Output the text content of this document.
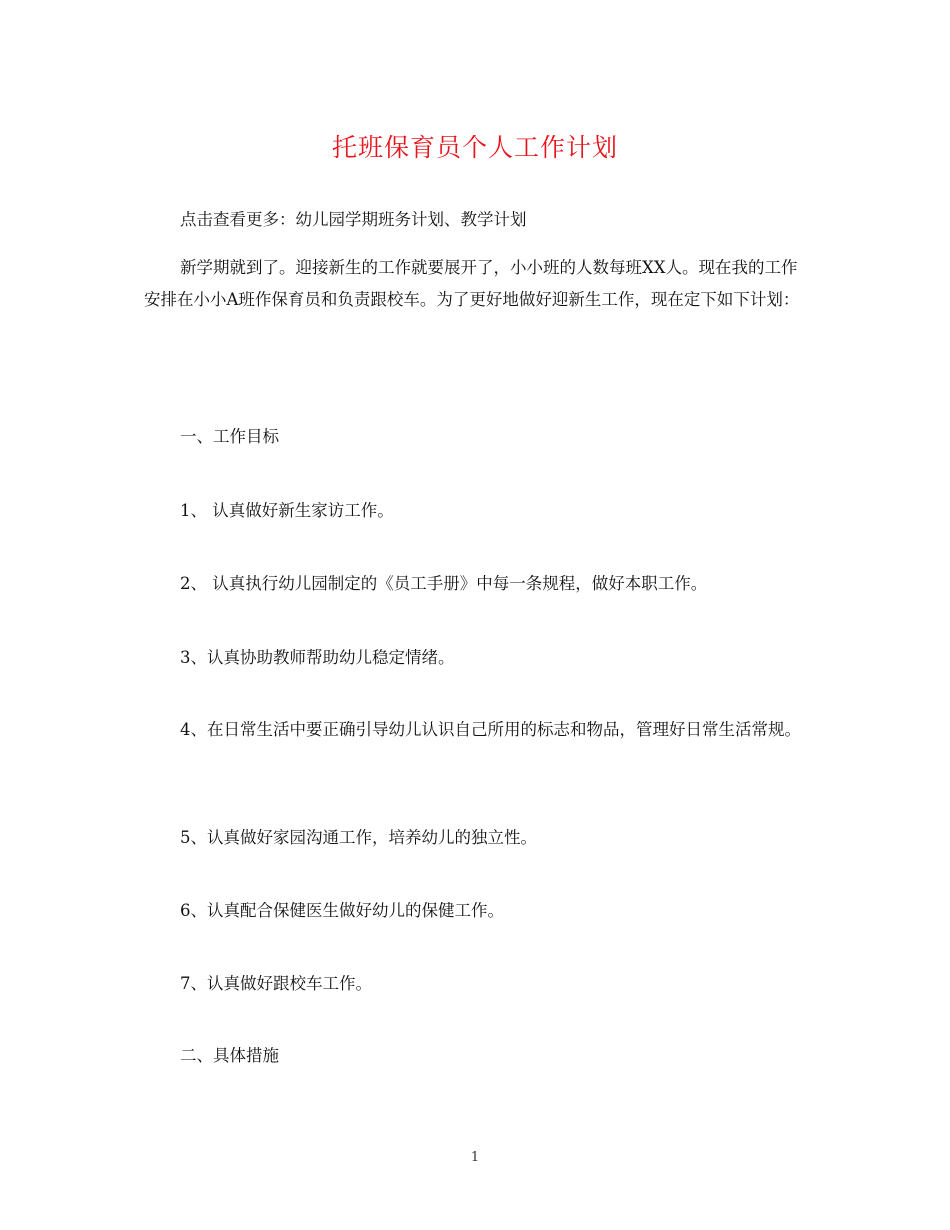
托班保育员个人工作计划
点击查看更多：幼儿园学期班务计划、教学计划
新学期就到了。迎接新生的工作就要展开了，小小班的人数每班XX人。现在我的工作安排在小小A班作保育员和负责跟校车。为了更好地做好迎新生工作，现在定下如下计划：
一、工作目标
1、 认真做好新生家访工作。
2、 认真执行幼儿园制定的《员工手册》中每一条规程，做好本职工作。
3、认真协助教师帮助幼儿稳定情绪。
4、在日常生活中要正确引导幼儿认识自己所用的标志和物品，管理好日常生活常规。
5、认真做好家园沟通工作，培养幼儿的独立性。
6、认真配合保健医生做好幼儿的保健工作。
7、认真做好跟校车工作。
二、具体措施
1
